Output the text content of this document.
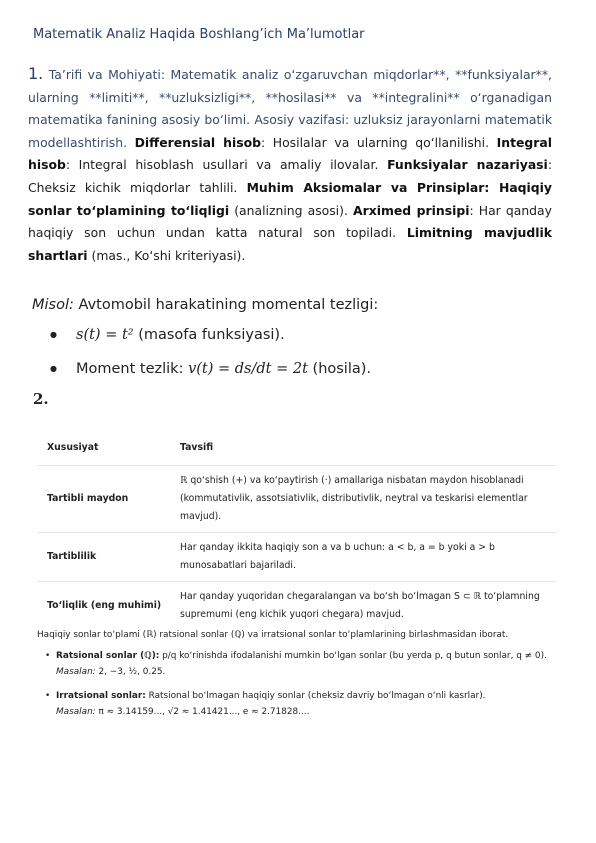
Matematik Analiz Haqida Boshlang’ich Ma’lumotlar
1. Ta’rifi va Mohiyati: Matematik analiz o‘zgaruvchan miqdorlar**, **funksiyalar**, ularning **limiti**, **uzluksizligi**, **hosilasi** va **integralini** o‘rganadigan matematika fanining asosiy bo‘limi. Asosiy vazifasi: uzluksiz jarayonlarni matematik modellashtirish. Differensial hisob: Hosilalar va ularning qo‘llanilishi. Integral hisob: Integral hisoblash usullari va amaliy ilovalar. Funksiyalar nazariyasi: Cheksiz kichik miqdorlar tahlili. Muhim Aksiomalar va Prinsiplar: Haqiqiy sonlar to‘plamining to‘liqligi (analizning asosi). Arximed prinsipi: Har qanday haqiqiy son uchun undan katta natural son topiladi. Limitning mavjudlik shartlari (mas., Ko‘shi kriteriyasi).
Misol: Avtomobil harakatining momental tezligi:
● s(t) = t² (masofa funksiyasi).
● Moment tezlik: v(t) = ds/dt = 2t (hosila).
2.
Xususiyat	Tavsifi
Tartibli maydon	ℝ qo‘shish (+) va ko‘paytirish (·) amallariga nisbatan maydon hisoblanadi (kommutativlik, assotsiativlik, distributivlik, neytral va teskarisi elementlar mavjud).
Tartiblilik	Har qanday ikkita haqiqiy son a va b uchun: a < b, a = b yoki a > b munosabatlari bajariladi.
To‘liqlik (eng muhimi)	Har qanday yuqoridan chegaralangan va bo‘sh bo‘lmagan S ⊂ ℝ to‘plamning supremumi (eng kichik yuqori chegara) mavjud.
Haqiqiy sonlar to‘plami (ℝ) ratsional sonlar (ℚ) va irratsional sonlar to‘plamlarining birlashmasidan iborat.
• Ratsional sonlar (ℚ): p/q ko‘rinishda ifodalanishi mumkin bo‘lgan sonlar (bu yerda p, q butun sonlar, q ≠ 0).
Masalan: 2, −3, ½, 0.25.
• Irratsional sonlar: Ratsional bo‘lmagan haqiqiy sonlar (cheksiz davriy bo‘lmagan o‘nli kasrlar).
Masalan: π ≈ 3.14159..., √2 ≈ 1.41421..., e ≈ 2.71828....
